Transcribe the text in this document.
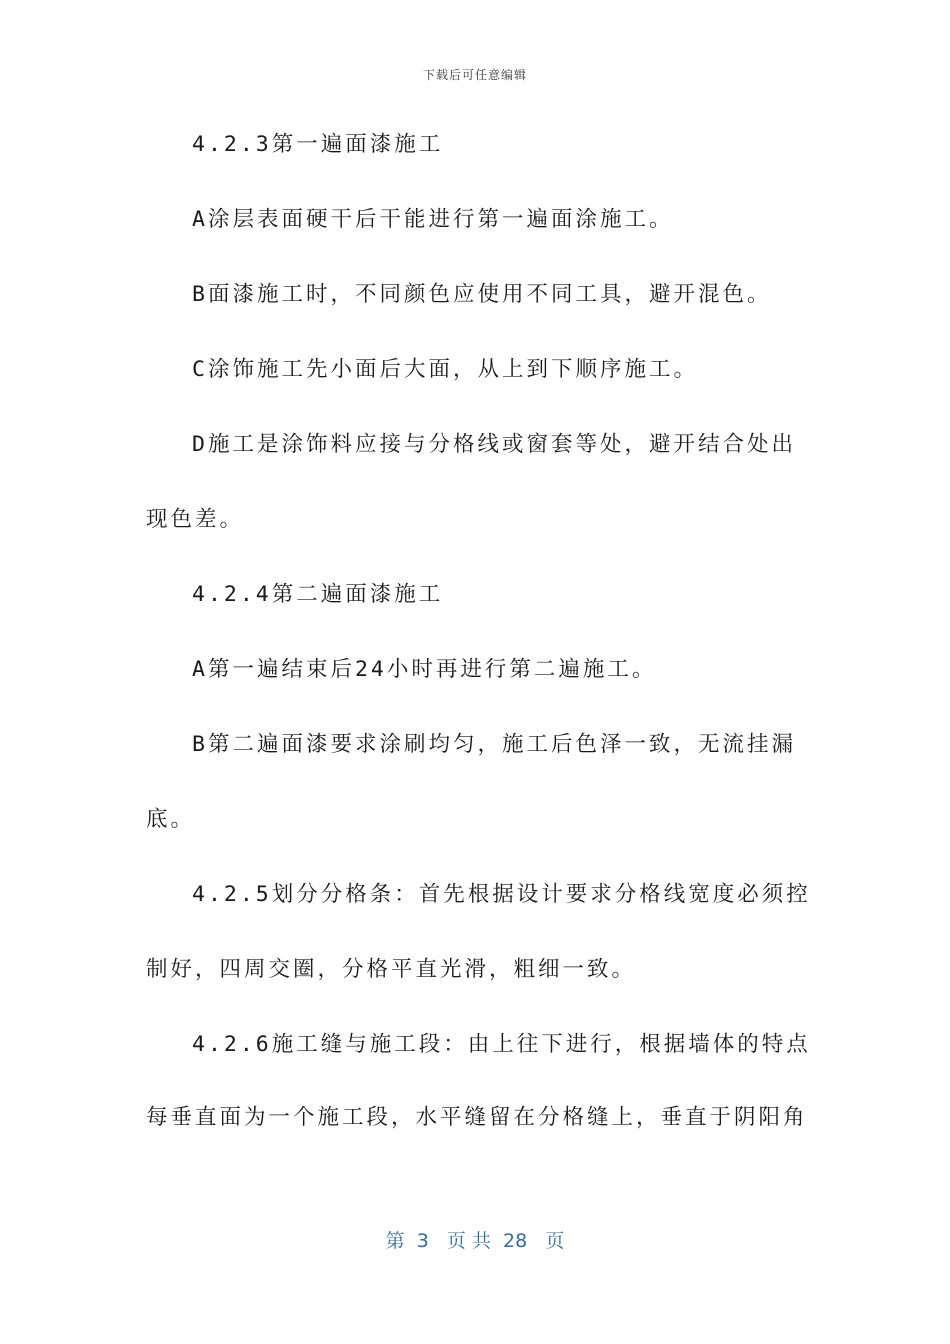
下载后可任意编辑
4.2.3第一遍面漆施工
A涂层表面硬干后干能进行第一遍面涂施工。
B面漆施工时，不同颜色应使用不同工具，避开混色。
C涂饰施工先小面后大面，从上到下顺序施工。
D施工是涂饰料应接与分格线或窗套等处，避开结合处出
现色差。
4.2.4第二遍面漆施工
A第一遍结束后24小时再进行第二遍施工。
B第二遍面漆要求涂刷均匀，施工后色泽一致，无流挂漏
底。
4.2.5划分分格条：首先根据设计要求分格线宽度必须控
制好，四周交圈，分格平直光滑，粗细一致。
4.2.6施工缝与施工段：由上往下进行，根据墙体的特点
每垂直面为一个施工段，水平缝留在分格缝上，垂直于阴阳角
第  3   页 共  28   页
